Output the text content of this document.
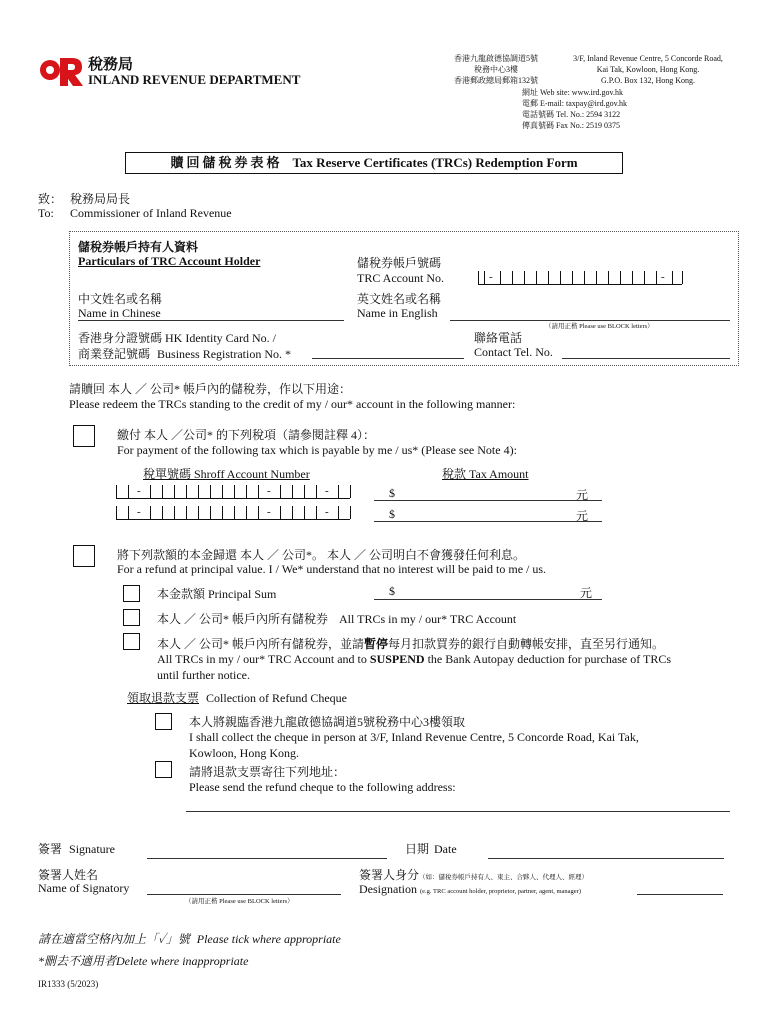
稅務局
INLAND REVENUE DEPARTMENT
香港九龍啟德協調道5號
稅務中心3樓
香港郵政總局郵箱132號
3/F, Inland Revenue Centre, 5 Concorde Road,
Kai Tak, Kowloon, Hong Kong.
G.P.O. Box 132, Hong Kong.
網址 Web site: www.ird.gov.hk
電郵 E-mail: taxpay@ird.gov.hk
電話號碼 Tel. No.: 2594 3122
傳真號碼 Fax No.: 2519 0375
贖回儲稅券表格 Tax Reserve Certificates (TRCs) Redemption Form
致： 稅務局局長
To: Commissioner of Inland Revenue
儲稅券帳戶持有人資料
Particulars of TRC Account Holder	儲稅券帳戶號碼
TRC Account No.	-	-
中文姓名或名稱
Name in Chinese
英文姓名或名稱
Name in English
（請用正楷 Please use BLOCK letters）
香港身分證號碼 HK Identity Card No. /
商業登記號碼 Business Registration No. *
聯絡電話
Contact Tel. No.
請贖回 本人 ／ 公司* 帳戶內的儲稅券，作以下用途：
Please redeem the TRCs standing to the credit of my / our* account in the following manner:
繳付 本人 ／公司* 的下列稅項（請參閱註釋 4）：
For payment of the following tax which is payable by me / us* (Please see Note 4):
稅單號碼 Shroff Account Number	稅款 Tax Amount
-	-	-	$	元
-	-	-	$	元
將下列款額的本金歸還 本人 ／ 公司*。 本人 ／ 公司明白不會獲發任何利息。
For a refund at principal value. I / We* understand that no interest will be paid to me / us.
本金款額 Principal Sum	$	元
本人 ／ 公司* 帳戶內所有儲稅券 All TRCs in my / our* TRC Account
本人 ／ 公司* 帳戶內所有儲稅券，並請暫停每月扣款買券的銀行自動轉帳安排，直至另行通知。
All TRCs in my / our* TRC Account and to SUSPEND the Bank Autopay deduction for purchase of TRCs
until further notice.
領取退款支票 Collection of Refund Cheque
本人將親臨香港九龍啟德協調道5號稅務中心3樓領取
I shall collect the cheque in person at 3/F, Inland Revenue Centre, 5 Concorde Road, Kai Tak,
Kowloon, Hong Kong.
請將退款支票寄往下列地址：
Please send the refund cheque to the following address:
簽署 Signature	日期 Date
簽署人姓名
Name of Signatory
（請用正楷 Please use BLOCK letters）
簽署人身分（如：儲稅券帳戶持有人、東主、合夥人、代理人、經理）
Designation (e.g. TRC account holder, proprietor, partner, agent, manager)
請在適當空格內加上「✓」號 Please tick where appropriate
*刪去不適用者Delete where inappropriate
IR1333 (5/2023)
